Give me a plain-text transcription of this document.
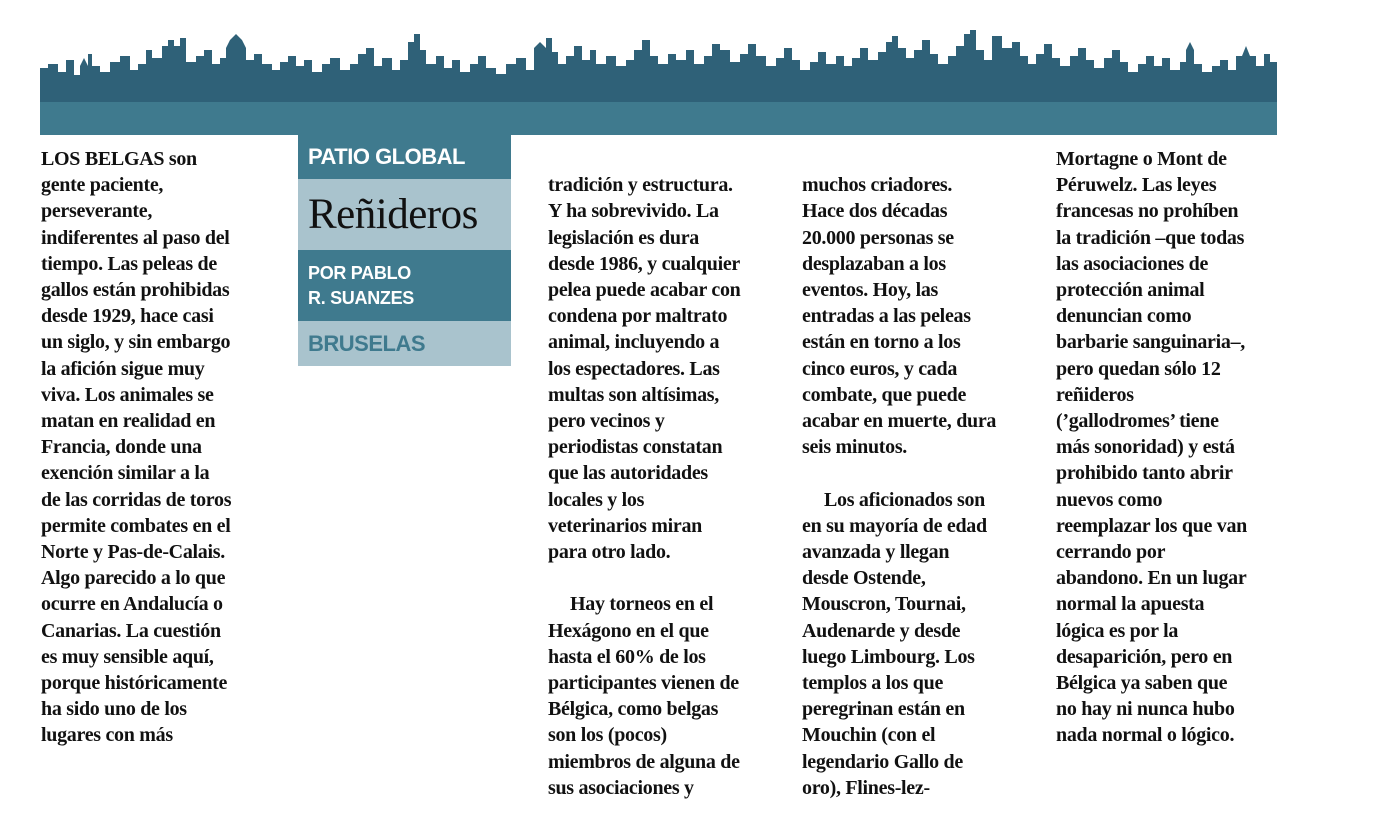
LOS BELGAS son
gente paciente,
perseverante,
indiferentes al paso del
tiempo. Las peleas de
gallos están prohibidas
desde 1929, hace casi
un siglo, y sin embargo
la afición sigue muy
viva. Los animales se
matan en realidad en
Francia, donde una
exención similar a la
de las corridas de toros
permite combates en el
Norte y Pas-de-Calais.
Algo parecido a lo que
ocurre en Andalucía o
Canarias. La cuestión
es muy sensible aquí,
porque históricamente
ha sido uno de los
lugares con más
PATIO GLOBAL
Reñideros
POR PABLO
R. SUANZES
BRUSELAS

tradición y estructura.
Y ha sobrevivido. La
legislación es dura
desde 1986, y cualquier
pelea puede acabar con
condena por maltrato
animal, incluyendo a
los espectadores. Las
multas son altísimas,
pero vecinos y
periodistas constatan
que las autoridades
locales y los
veterinarios miran
para otro lado.

Hay torneos en el
Hexágono en el que
hasta el 60% de los
participantes vienen de
Bélgica, como belgas
son los (pocos)
miembros de alguna de
sus asociaciones y

muchos criadores.
Hace dos décadas
20.000 personas se
desplazaban a los
eventos. Hoy, las
entradas a las peleas
están en torno a los
cinco euros, y cada
combate, que puede
acabar en muerte, dura
seis minutos.

Los aficionados son
en su mayoría de edad
avanzada y llegan
desde Ostende,
Mouscron, Tournai,
Audenarde y desde
luego Limbourg. Los
templos a los que
peregrinan están en
Mouchin (con el
legendario Gallo de
oro), Flines-lez-

Mortagne o Mont de
Péruwelz. Las leyes
francesas no prohíben
la tradición –que todas
las asociaciones de
protección animal
denuncian como
barbarie sanguinaria–,
pero quedan sólo 12
reñideros
(’gallodromes’ tiene
más sonoridad) y está
prohibido tanto abrir
nuevos como
reemplazar los que van
cerrando por
abandono. En un lugar
normal la apuesta
lógica es por la
desaparición, pero en
Bélgica ya saben que
no hay ni nunca hubo
nada normal o lógico.
